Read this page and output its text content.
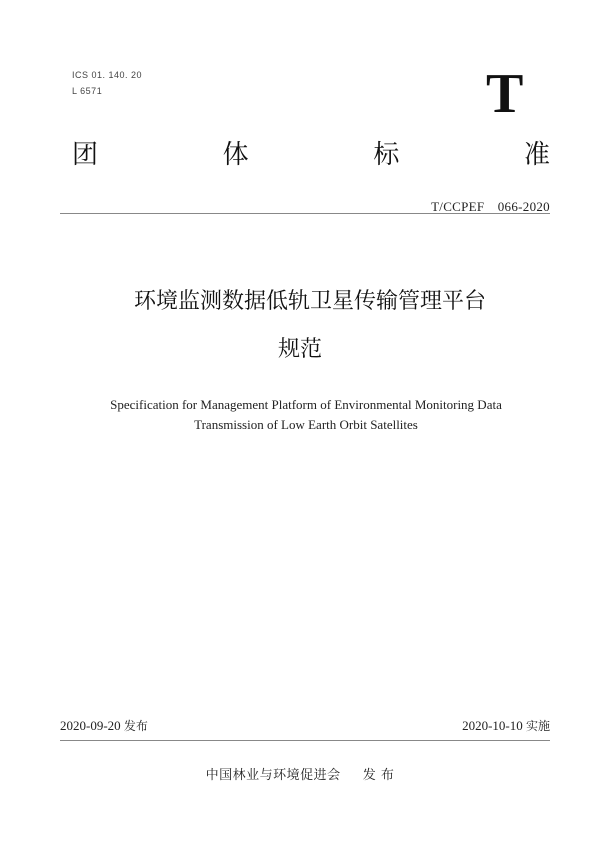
ICS 01. 140. 20
L 6571	T
团	体	标	准
T/CCPEF　066-2020
环境监测数据低轨卫星传输管理平台
规范
Specification for Management Platform of Environmental Monitoring Data
Transmission of Low Earth Orbit Satellites
2020-09-20 发布	2020-10-10 实施
中国林业与环境促进会 发 布
